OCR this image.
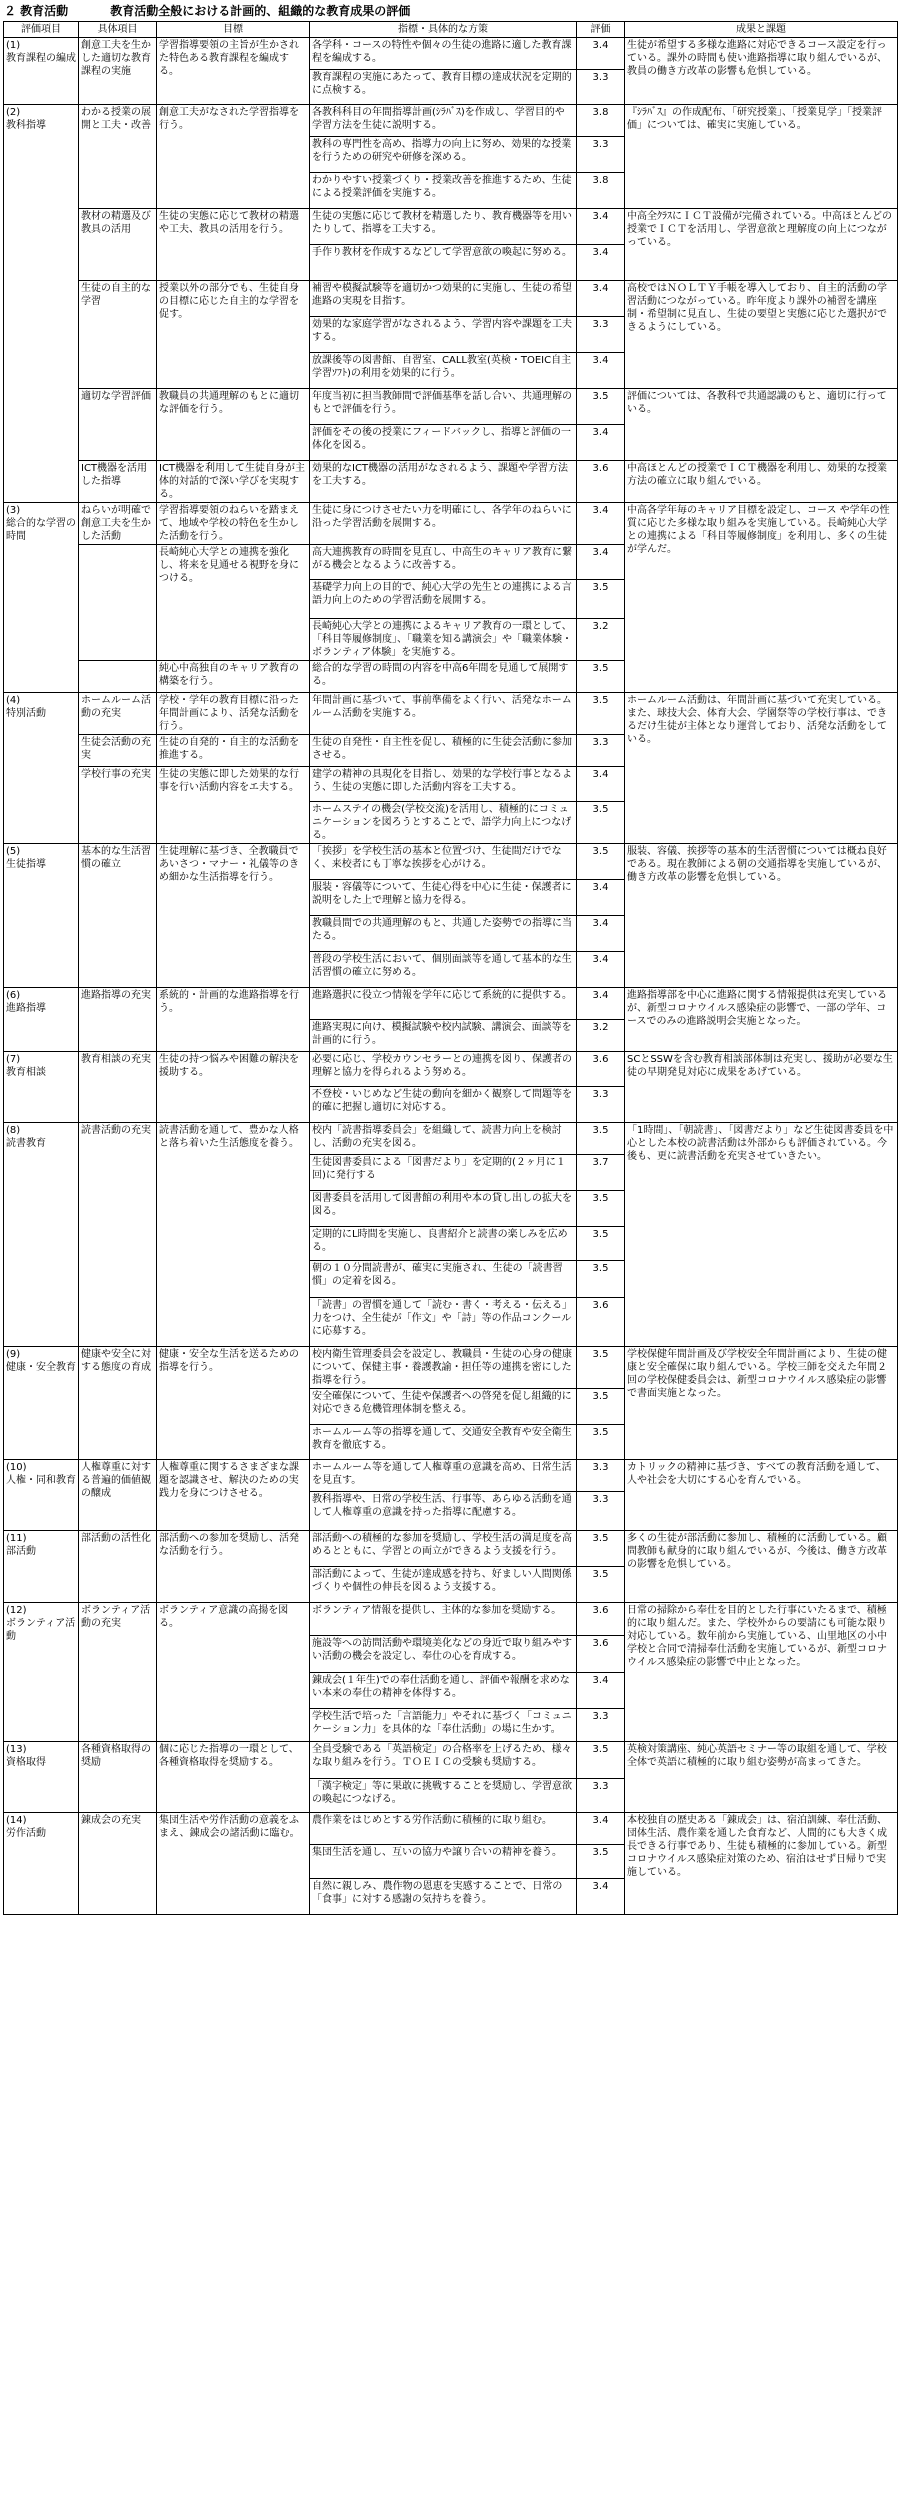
２ 教育活動	教育活動全般における計画的、組織的な教育成果の評価
評価項目	具体項目	目標	指標・具体的な方策	評価	成果と課題

(1)
教育課程の編成	創意工夫を生かした適切な教育課程の実施	学習指導要領の主旨が生かされた特色ある教育課程を編成する。	各学科・コースの特性や個々の生徒の進路に適した教育課程を編成する。	3.4	生徒が希望する多様な進路に対応できるコース設定を行っている。課外の時間も使い進路指導に取り組んでいるが、教員の働き方改革の影響も危惧している。
			教育課程の実施にあたって、教育目標の達成状況を定期的に点検する。	3.3	

(2)
教科指導	わかる授業の展開と工夫・改善	創意工夫がなされた学習指導を行う。	各教科科目の年間指導計画(ｼﾗﾊﾞｽ)を作成し、学習目的や学習方法を生徒に説明する。	3.8	『ｼﾗﾊﾞｽ』の作成配布、「研究授業」、「授業見学」「授業評価」については、確実に実施している。
			教科の専門性を高め、指導力の向上に努め、効果的な授業を行うための研究や研修を深める。	3.3	
			わかりやすい授業づくり・授業改善を推進するため、生徒による授業評価を実施する。	3.8	
	教材の精選及び教具の活用	生徒の実態に応じて教材の精選や工夫、教具の活用を行う。	生徒の実態に応じて教材を精選したり、教育機器等を用いたりして、指導を工夫する。	3.4	中高全ｸﾗｽにＩＣＴ設備が完備されている。中高ほとんどの授業でＩＣＴを活用し、学習意欲と理解度の向上につながっている。
			手作り教材を作成するなどして学習意欲の喚起に努める。	3.4	
	生徒の自主的な学習	授業以外の部分でも、生徒自身の目標に応じた自主的な学習を促す。	補習や模擬試験等を適切かつ効果的に実施し、生徒の希望進路の実現を目指す。	3.4	高校ではＮＯＬＴＹ手帳を導入しており、自主的活動の学習活動につながっている。昨年度より課外の補習を講座制・希望制に見直し、生徒の要望と実態に応じた選択ができるようにしている。
			効果的な家庭学習がなされるよう、学習内容や課題を工夫する。	3.3	
			放課後等の図書館、自習室、CALL教室(英検・TOEIC自主学習ｿﾌﾄ)の利用を効果的に行う。	3.4	
	適切な学習評価	教職員の共通理解のもとに適切な評価を行う。	年度当初に担当教師間で評価基準を話し合い、共通理解のもとで評価を行う。	3.5	評価については、各教科で共通認識のもと、適切に行っている。
			評価をその後の授業にフィードバックし、指導と評価の一体化を図る。	3.4	
	ICT機器を活用した指導	ICT機器を利用して生徒自身が主体的対話的で深い学びを実現する。	効果的なICT機器の活用がなされるよう、課題や学習方法を工夫する。	3.6	中高ほとんどの授業でＩＣＴ機器を利用し、効果的な授業方法の確立に取り組んでいる。

(3)
総合的な学習の時間	ねらいが明確で創意工夫を生かした活動	学習指導要領のねらいを踏まえて、地域や学校の特色を生かした活動を行う。	生徒に身につけさせたい力を明確にし、各学年のねらいに沿った学習活動を展開する。	3.4	中高各学年毎のキャリア目標を設定し、コース や学年の性質に応じた多様な取り組みを実施している。長崎純心大学との連携による「科目等履修制度」を利用し、多くの生徒が学んだ。
		長崎純心大学との連携を強化し、将来を見通せる視野を身につける。	高大連携教育の時間を見直し、中高生のキャリア教育に繋がる機会となるように改善する。	3.4	
			基礎学力向上の目的で、純心大学の先生との連携による言語力向上のための学習活動を展開する。	3.5	
			長崎純心大学との連携によるキャリア教育の一環として、「科目等履修制度」、「職業を知る講演会」や「職業体験・ボランティア体験」を実施する。	3.2	
		純心中高独自のキャリア教育の構築を行う。	総合的な学習の時間の内容を中高6年間を見通して展開する。	3.5	

(4)
特別活動	ホームルーム活動の充実	学校・学年の教育目標に沿った年間計画により、活発な活動を行う。	年間計画に基づいて、事前準備をよく行い、活発なホームルーム活動を実施する。	3.5	ホームルーム活動は、年間計画に基づいて充実している。また、球技大会、体育大会、学園祭等の学校行事は、できるだけ生徒が主体となり運営しており、活発な活動をしている。
	生徒会活動の充実	生徒の自発的・自主的な活動を推進する。	生徒の自発性・自主性を促し、積極的に生徒会活動に参加させる。	3.3	
	学校行事の充実	生徒の実態に即した効果的な行事を行い活動内容をエ夫する。	建学の精神の具現化を目指し、効果的な学校行事となるよう、生徒の実態に即した活動内容を工夫する。	3.4	
			ホームステイの機会(学校交流)を活用し、積極的にコミュニケーションを図ろうとすることで、語学力向上につなげる。	3.5	

(5)
生徒指導	基本的な生活習慣の確立	生徒理解に基づき、全教職員であいさつ・マナー・礼儀等のきめ細かな生活指導を行う。	「挨拶」を学校生活の基本と位置づけ、生徒間だけでなく、来校者にも丁寧な挨拶を心がける。	3.5	服装、容儀、挨拶等の基本的生活習慣については概ね良好である。現在教師による朝の交通指導を実施しているが、働き方改革の影響を危惧している。
			服装・容儀等について、生徒心得を中心に生徒・保護者に説明をした上で理解と協力を得る。	3.4	
			教職員間での共通理解のもと、共通した姿勢での指導に当たる。	3.4	
			普段の学校生活において、個別面談等を通して基本的な生活習慣の確立に努める。	3.4	

(6)
進路指導	進路指導の充実	系統的・計画的な進路指導を行う。	進路選択に役立つ情報を学年に応じて系統的に提供する。	3.4	進路指導部を中心に進路に関する情報提供は充実しているが、新型コロナウイルス感染症の影響で、一部の学年、コースでのみの進路説明会実施となった。
			進路実現に向け、模擬試験や校内試験、講演会、面談等を計画的に行う。	3.2	

(7)
教育相談	教育相談の充実	生徒の持つ悩みや困難の解決を援助する。	必要に応じ、学校カウンセラーとの連携を図り、保護者の理解と協力を得られるよう努める。	3.6	SCとSSWを含む教育相談部体制は充実し、援助が必要な生徒の早期発見対応に成果をあげている。
			不登校・いじめなど生徒の動向を細かく観察して問題等を的確に把握し適切に対応する。	3.3	

(8)
読書教育	読書活動の充実	読書活動を通して、豊かな人格と落ち着いた生活態度を養う。	校内「読書指導委員会」を組織して、読書力向上を検討し、活動の充実を図る。	3.5	「1時間」、「朝読書」、「図書だより」など生徒図書委員を中心とした本校の読書活動は外部からも評価されている。今後も、更に読書活動を充実させていきたい。
			生徒図書委員による「図書だより」を定期的(２ヶ月に１回)に発行する	3.7	
			図書委員を活用して図書館の利用や本の貸し出しの拡大を図る。	3.5	
			定期的にL時間を実施し、良書紹介と読書の楽しみを広める。	3.5	
			朝の１０分間読書が、確実に実施され、生徒の「読書習慣」の定着を図る。	3.5	
			「読書」の習慣を通して「読む・書く・考える・伝える」力をつけ、全生徒が「作文」や「詩」等の作品コンクールに応募する。	3.6	

(9)
健康・安全教育	健康や安全に対する態度の育成	健康・安全な生活を送るための指導を行う。	校内衛生管理委員会を設定し、教職員・生徒の心身の健康について、保健主事・養護教諭・担任等の連携を密にした指導を行う。	3.5	学校保健年間計画及び学校安全年間計画により、生徒の健康と安全確保に取り組んでいる。学校三師を交えた年間２回の学校保健委員会は、新型コロナウイルス感染症の影響で書面実施となった。
			安全確保について、生徒や保護者への啓発を促し組織的に対応できる危機管理体制を整える。	3.5	
			ホームルーム等の指導を通して、交通安全教育や安全衛生教育を徹底する。	3.5	

(10)
人権・同和教育	人権尊重に対する普遍的価値観の醸成	人権尊重に関するさまざまな課題を認識させ、解決のための実践力を身につけさせる。	ホームルーム等を通して人権尊重の意識を高め、日常生活を見直す。	3.3	カトリックの精神に基づき、すべての教育活動を通して、人や社会を大切にする心を育んでいる。
			教科指導や、日常の学校生活、行事等、あらゆる活動を通して人権尊重の意識を持った指導に配慮する。	3.3	

(11)
部活動	部活動の活性化	部活動への参加を奨励し、活発な活動を行う。	部活動への積極的な参加を奨励し、学校生活の満足度を高めるとともに、学習との両立ができるよう支援を行う。	3.5	多くの生徒が部活動に参加し、積極的に活動している。顧問教師も献身的に取り組んでいるが、今後は、働き方改革の影響を危惧している。
			部活動によって、生徒が達成感を持ち、好ましい人間関係づくりや個性の伸長を図るよう支援する。	3.5	

(12)
ボランティア活動	ボランティア活動の充実	ボランティア意識の高揚を図る。	ボランティア情報を提供し、主体的な参加を奨励する。	3.6	日常の掃除から奉仕を目的とした行事にいたるまで、積極的に取り組んだ。また、学校外からの要請にも可能な限り対応している。数年前から実施している、山里地区の小中学校と合同で清掃奉仕活動を実施しているが、新型コロナウイルス感染症の影響で中止となった。
			施設等への訪問活動や環境美化などの身近で取り組みやすい活動の機会を設定し、奉仕の心を育成する。	3.6	
			錬成会(１年生)での奉仕活動を通し、評価や報酬を求めない本来の奉仕の精神を体得する。	3.4	
			学校生活で培った「言語能力」やそれに基づく「コミュニケーション力」を具体的な「奉仕活動」の場に生かす。	3.3	

(13)
資格取得	各種資格取得の奨励	個に応じた指導の一環として、各種資格取得を奨励する。	全員受験である「英語検定」の合格率を上げるため、様々な取り組みを行う。ＴＯＥＩＣの受験も奨励する。	3.5	英検対策講座、純心英語セミナー等の取組を通して、学校全体で英語に積極的に取り組む姿勢が高まってきた。
			「漢字検定」等に果敢に挑戦することを奨励し、学習意欲の喚起につなげる。	3.3	

(14)
労作活動	錬成会の充実	集団生活や労作活動の意義をふまえ、錬成会の諸活動に臨む。	農作業をはじめとする労作活動に積極的に取り組む。	3.4	本校独自の歴史ある「錬成会」は、宿泊訓練、奉仕活動、団体生活、農作業を通した食育など、人間的にも大きく成長できる行事であり、生徒も積極的に参加している。新型コロナウイルス感染症対策のため、宿泊はせず日帰りで実施している。
			集団生活を通し、互いの協力や譲り合いの精神を養う。	3.5	
			自然に親しみ、農作物の恩恵を実感することで、日常の「食事」に対する感謝の気持ちを養う。	3.4	
